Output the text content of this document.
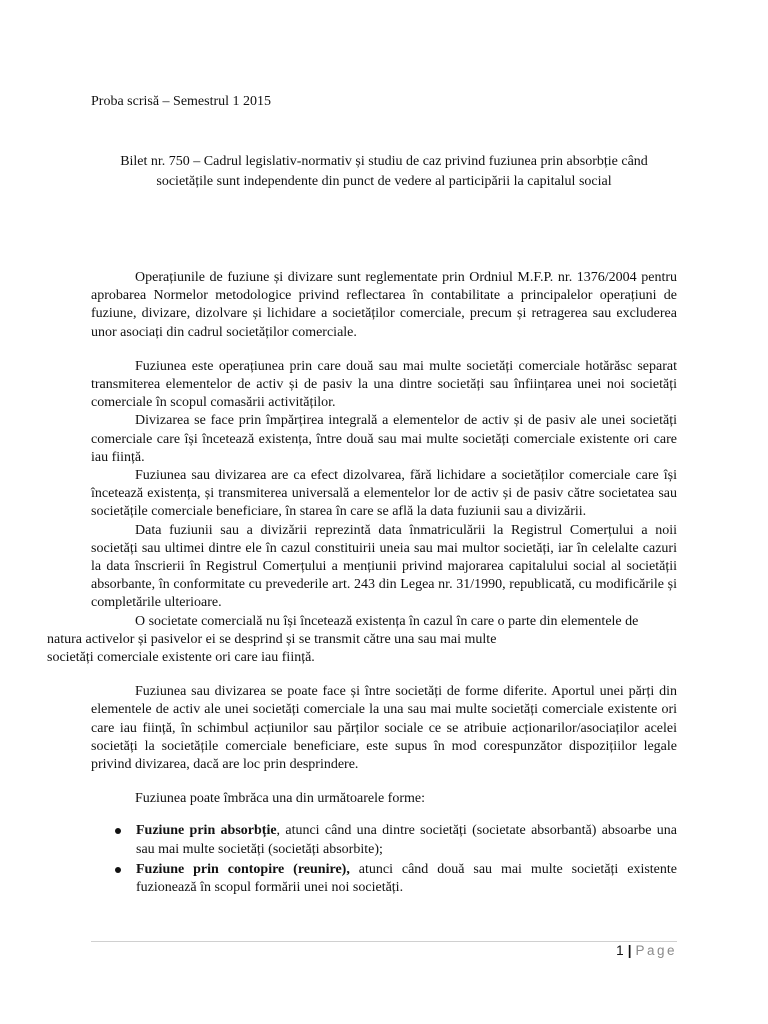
Proba scrisă – Semestrul 1 2015
Bilet nr. 750 – Cadrul legislativ-normativ și studiu de caz privind fuziunea prin absorbție când
societățile sunt independente din punct de vedere al participării la capitalul social

Operațiunile de fuziune și divizare sunt reglementate prin Ordniul M.F.P. nr. 1376/2004 pentru aprobarea Normelor metodologice privind reflectarea în contabilitate a principalelor operațiuni de fuziune, divizare, dizolvare și lichidare a societăților comerciale, precum și retragerea sau excluderea unor asociați din cadrul societăților comerciale.

Fuziunea este operațiunea prin care două sau mai multe societăți comerciale hotărăsc separat transmiterea elementelor de activ și de pasiv la una dintre societăți sau înființarea unei noi societăți comerciale în scopul comasării activităților.

Divizarea se face prin împărțirea integrală a elementelor de activ și de pasiv ale unei societăți comerciale care își încetează existența, între două sau mai multe societăți comerciale existente ori care iau ființă.

Fuziunea sau divizarea are ca efect dizolvarea, fără lichidare a societăților comerciale care își încetează existența, și transmiterea universală a elementelor lor de activ și de pasiv către societatea sau societățile comerciale beneficiare, în starea în care se află la data fuziunii sau a divizării.

Data fuziunii sau a divizării reprezintă data înmatriculării la Registrul Comerțului a noii societăți sau ultimei dintre ele în cazul constituirii uneia sau mai multor societăți, iar în celelalte cazuri la data înscrierii în Registrul Comerțului a mențiunii privind majorarea capitalului social al societății absorbante, în conformitate cu prevederile art. 243 din Legea nr. 31/1990, republicată, cu modificările și completările ulterioare.

O societate comercială nu își încetează existența în cazul în care o parte din elementele de
natura activelor și pasivelor ei se desprind și se transmit către una sau mai multe
societăți comerciale existente ori care iau ființă.

Fuziunea sau divizarea se poate face și între societăți de forme diferite. Aportul unei părți din elementele de activ ale unei societăți comerciale la una sau mai multe societăți comerciale existente ori care iau ființă, în schimbul acțiunilor sau părților sociale ce se atribuie acționarilor/asociaților acelei societăți la societățile comerciale beneficiare, este supus în mod corespunzător dispozițiilor legale privind divizarea, dacă are loc prin desprindere.

Fuziunea poate îmbrăca una din următoarele forme:

Fuziune prin absorbție, atunci când una dintre societăți (societate absorbantă) absoarbe una sau mai multe societăți (societăți absorbite);
Fuziune prin contopire (reunire), atunci când două sau mai multe societăți existente fuzionează în scopul formării unei noi societăți.
1 | Page
